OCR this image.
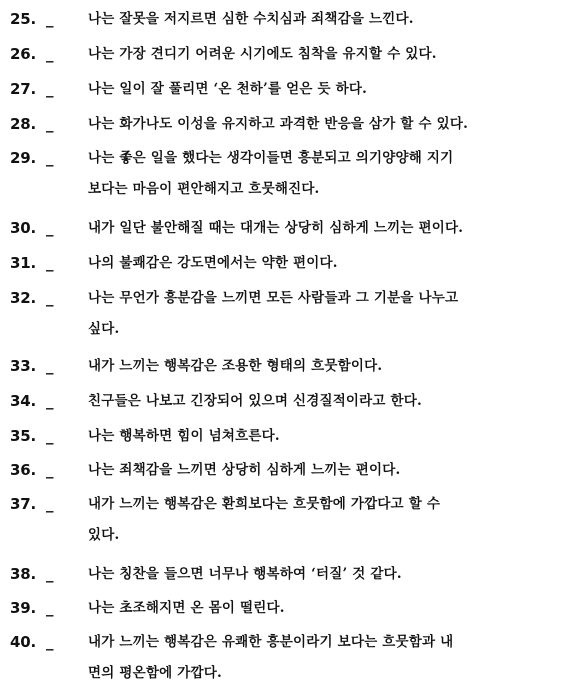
25. _	나는 잘못을 저지르면 심한 수치심과 죄책감을 느낀다.
26. _	나는 가장 견디기 어려운 시기에도 침착을 유지할 수 있다.
27. _	나는 일이 잘 풀리면 ‘온 천하’를 얻은 듯 하다.
28. _	나는 화가나도 이성을 유지하고 과격한 반응을 삼가 할 수 있다.
29. _	나는 좋은 일을 했다는 생각이들면 흥분되고 의기양양해 지기
보다는 마음이 편안해지고 흐뭇해진다.
30. _	내가 일단 불안해질 때는 대개는 상당히 심하게 느끼는 편이다.
31. _	나의 불쾌감은 강도면에서는 약한 편이다.
32. _	나는 무언가 흥분감을 느끼면 모든 사람들과 그 기분을 나누고
싶다.
33. _	내가 느끼는 행복감은 조용한 형태의 흐뭇함이다.
34. _	친구들은 나보고 긴장되어 있으며 신경질적이라고 한다.
35. _	나는 행복하면 힘이 넘쳐흐른다.
36. _	나는 죄책감을 느끼면 상당히 심하게 느끼는 편이다.
37. _	내가 느끼는 행복감은 환희보다는 흐뭇함에 가깝다고 할 수
있다.
38. _	나는 칭찬을 들으면 너무나 행복하여 ‘터질’ 것 같다.
39. _	나는 초조해지면 온 몸이 떨린다.
40. _	내가 느끼는 행복감은 유쾌한 흥분이라기 보다는 흐뭇함과 내
면의 평온함에 가깝다.
